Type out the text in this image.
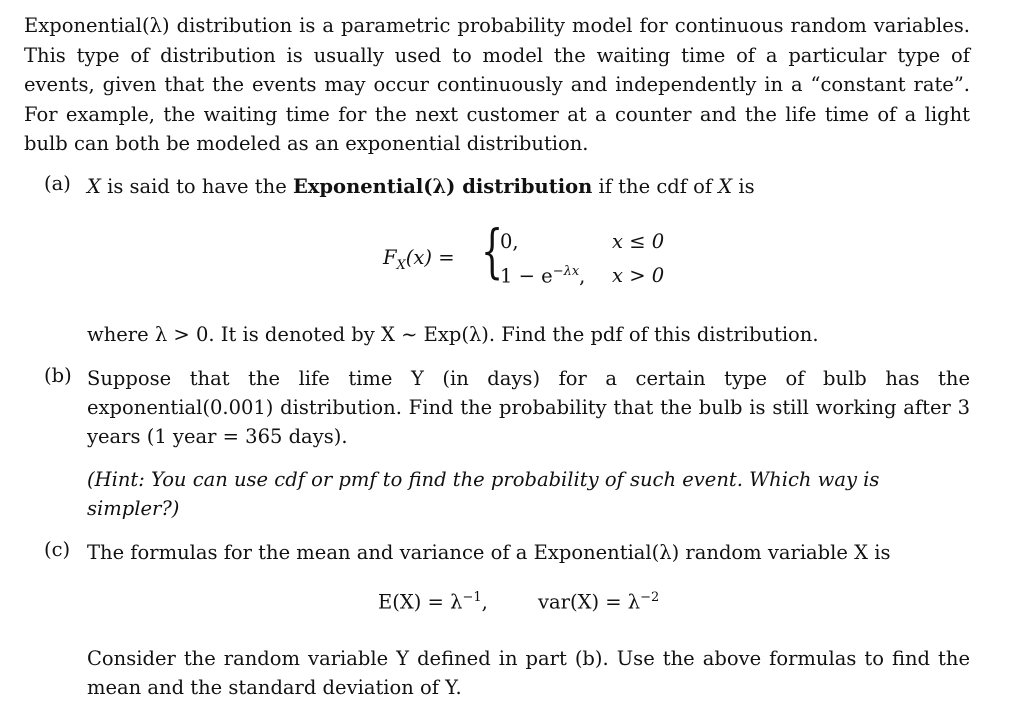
Exponential(λ) distribution is a parametric probability model for continuous random variables. This type of distribution is usually used to model the waiting time of a particular type of events, given that the events may occur continuously and independently in a “constant rate”. For example, the waiting time for the next customer at a counter and the life time of a light bulb can both be modeled as an exponential distribution.
(a) X is said to have the Exponential(λ) distribution if the cdf of X is
$F_X(x)$ = {
0,	x ≤ 0
$1 - e^{-\lambda x}$, x > 0
where λ > 0. It is denoted by X ∼ Exp(λ). Find the pdf of this distribution.
(b) Suppose that the life time Y (in days) for a certain type of bulb has the exponential(0.001) distribution. Find the probability that the bulb is still working after 3 years (1 year = 365 days).
(Hint: You can use cdf or pmf to find the probability of such event. Which way is simpler?)
(c) The formulas for the mean and variance of a Exponential(λ) random variable X is
$E(X) = \lambda^{-1}$,	$var(X) = \lambda^{-2}$
Consider the random variable Y defined in part (b). Use the above formulas to find the mean and the standard deviation of Y.
